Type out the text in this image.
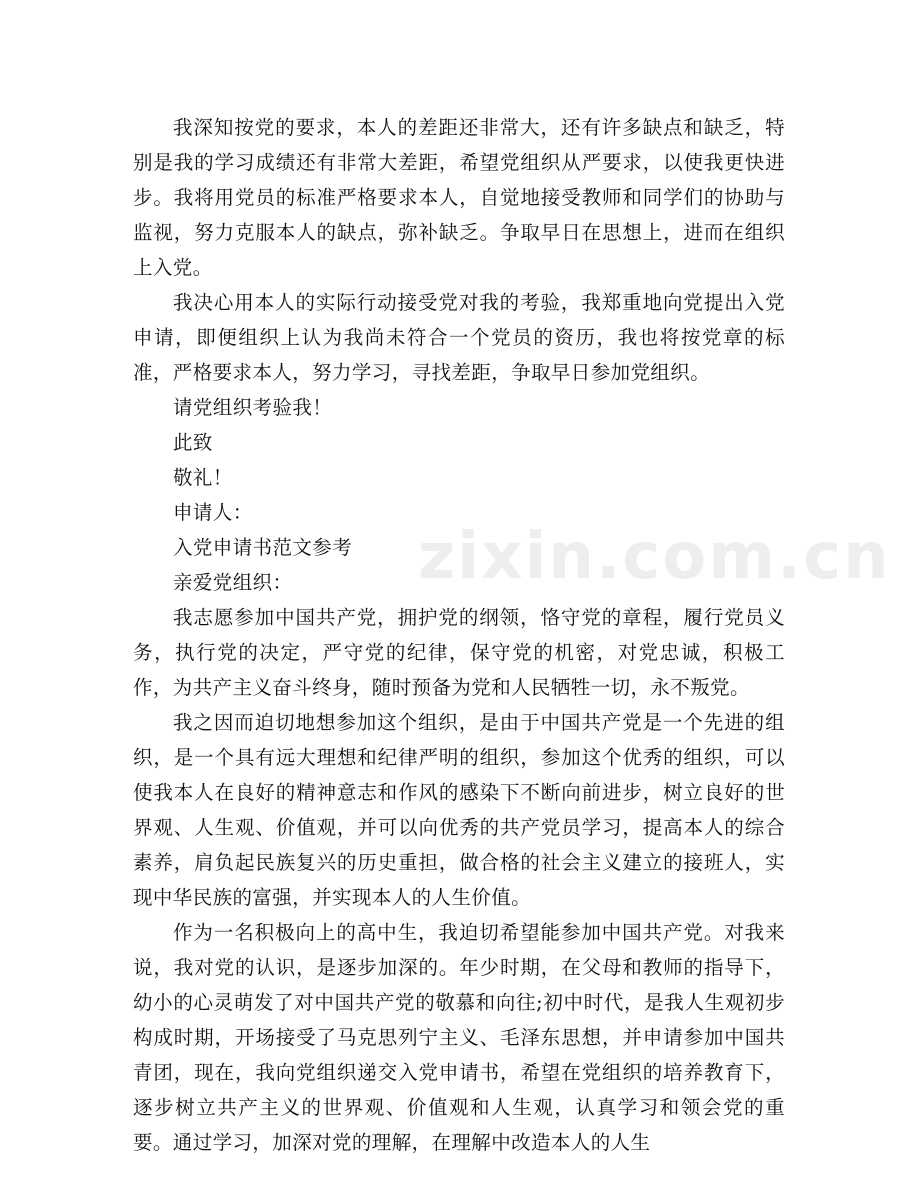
zixin.com.cn

我深知按党的要求，本人的差距还非常大，还有许多缺点和缺乏，特别是我的学习成绩还有非常大差距，希望党组织从严要求，以使我更快进步。我将用党员的标准严格要求本人，自觉地接受教师和同学们的协助与监视，努力克服本人的缺点，弥补缺乏。争取早日在思想上，进而在组织上入党。

我决心用本人的实际行动接受党对我的考验，我郑重地向党提出入党申请，即便组织上认为我尚未符合一个党员的资历，我也将按党章的标准，严格要求本人，努力学习，寻找差距，争取早日参加党组织。

请党组织考验我！

此致

敬礼！

申请人：

入党申请书范文参考

亲爱党组织：

我志愿参加中国共产党，拥护党的纲领，恪守党的章程，履行党员义务，执行党的决定，严守党的纪律，保守党的机密，对党忠诚，积极工作，为共产主义奋斗终身，随时预备为党和人民牺牲一切，永不叛党。

我之因而迫切地想参加这个组织，是由于中国共产党是一个先进的组织，是一个具有远大理想和纪律严明的组织，参加这个优秀的组织，可以使我本人在良好的精神意志和作风的感染下不断向前进步，树立良好的世界观、人生观、价值观，并可以向优秀的共产党员学习，提高本人的综合素养，肩负起民族复兴的历史重担，做合格的社会主义建立的接班人，实现中华民族的富强，并实现本人的人生价值。

作为一名积极向上的高中生，我迫切希望能参加中国共产党。对我来说，我对党的认识，是逐步加深的。年少时期，在父母和教师的指导下，幼小的心灵萌发了对中国共产党的敬慕和向往;初中时代，是我人生观初步构成时期，开场接受了马克思列宁主义、毛泽东思想，并申请参加中国共青团，现在，我向党组织递交入党申请书，希望在党组织的培养教育下，逐步树立共产主义的世界观、价值观和人生观，认真学习和领会党的重要。通过学习，加深对党的理解，在理解中改造本人的人生
